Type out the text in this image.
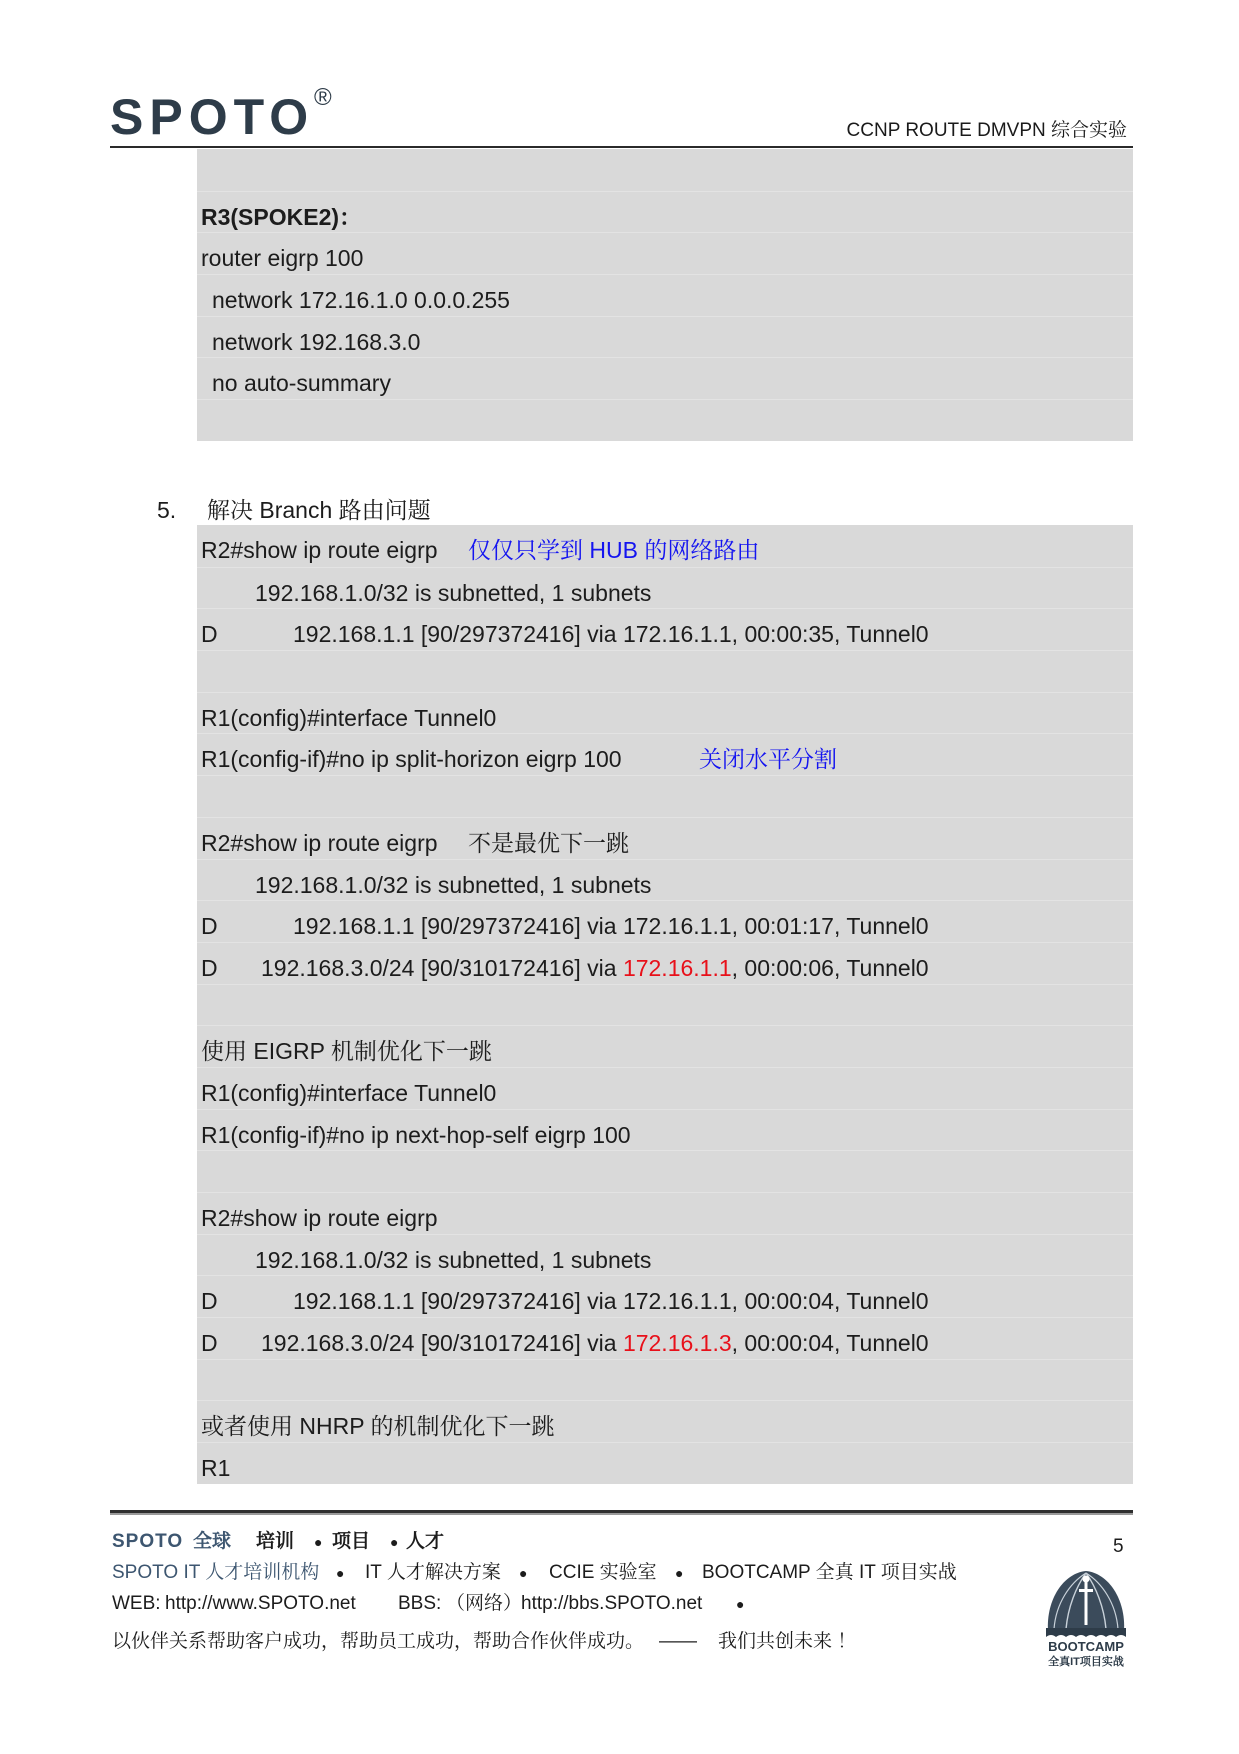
SPOTO ®
CCNP ROUTE DMVPN 综合实验
R3(SPOKE2)：
router eigrp 100
network 172.16.1.0 0.0.0.255
network 192.168.3.0
no auto-summary
5. 解决 Branch 路由问题
R2#show ip route eigrp 仅仅只学到 HUB 的网络路由
192.168.1.0/32 is subnetted, 1 subnets
D	192.168.1.1 [90/297372416] via 172.16.1.1, 00:00:35, Tunnel0
R1(config)#interface Tunnel0
R1(config-if)#no ip split-horizon eigrp 100	关闭水平分割
R2#show ip route eigrp 不是最优下一跳
192.168.1.0/32 is subnetted, 1 subnets
D	192.168.1.1 [90/297372416] via 172.16.1.1, 00:01:17, Tunnel0
D 192.168.3.0/24 [90/310172416] via 172.16.1.1, 00:00:06, Tunnel0
使用 EIGRP 机制优化下一跳
R1(config)#interface Tunnel0
R1(config-if)#no ip next-hop-self eigrp 100
R2#show ip route eigrp
192.168.1.0/32 is subnetted, 1 subnets
D	192.168.1.1 [90/297372416] via 172.16.1.1, 00:00:04, Tunnel0
D 192.168.3.0/24 [90/310172416] via 172.16.1.3, 00:00:04, Tunnel0
或者使用 NHRP 的机制优化下一跳
R1
SPOTO 全球 培训 ● 项目 ● 人才
SPOTO IT 人才培训机构 ● IT 人才解决方案 ● CCIE 实验室 ● BOOTCAMP 全真 IT 项目实战
WEB: http://www.SPOTO.net BBS: （网络）
http://bbs.SPOTO.net ●
以伙伴关系帮助客户成功，帮助员工成功，帮助合作伙伴成功。 —— 我们共创未来 ！
5
BOOTCAMP
全真IT项目实战
